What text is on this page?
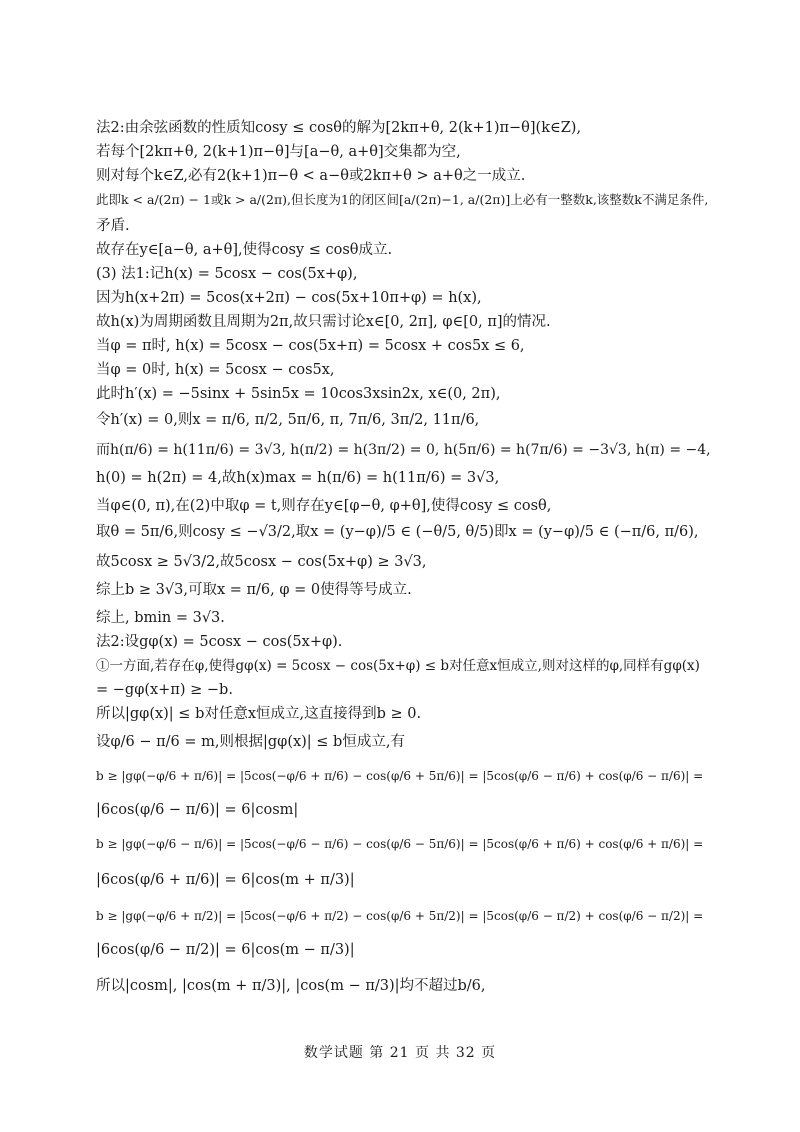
法2:由余弦函数的性质知cosy ≤ cosθ的解为[2kπ+θ, 2(k+1)π−θ](k∈Z),
若每个[2kπ+θ, 2(k+1)π−θ]与[a−θ, a+θ]交集都为空,
则对每个k∈Z,必有2(k+1)π−θ < a−θ或2kπ+θ > a+θ之一成立.
此即k < a/(2π) − 1或k > a/(2π),但长度为1的闭区间[a/(2π)−1, a/(2π)]上必有一整数k,该整数k不满足条件,
矛盾.
故存在y∈[a−θ, a+θ],使得cosy ≤ cosθ成立.
(3) 法1:记h(x) = 5cosx − cos(5x+φ),
因为h(x+2π) = 5cos(x+2π) − cos(5x+10π+φ) = h(x),
故h(x)为周期函数且周期为2π,故只需讨论x∈[0, 2π], φ∈[0, π]的情况.
当φ = π时, h(x) = 5cosx − cos(5x+π) = 5cosx + cos5x ≤ 6,
当φ = 0时, h(x) = 5cosx − cos5x,
此时h′(x) = −5sinx + 5sin5x = 10cos3xsin2x, x∈(0, 2π),
令h′(x) = 0,则x = π/6, π/2, 5π/6, π, 7π/6, 3π/2, 11π/6,
而h(π/6) = h(11π/6) = 3√3, h(π/2) = h(3π/2) = 0, h(5π/6) = h(7π/6) = −3√3, h(π) = −4,
h(0) = h(2π) = 4,故h(x)max = h(π/6) = h(11π/6) = 3√3,
当φ∈(0, π),在(2)中取φ = t,则存在y∈[φ−θ, φ+θ],使得cosy ≤ cosθ,
取θ = 5π/6,则cosy ≤ −√3/2,取x = (y−φ)/5 ∈ (−θ/5, θ/5)即x = (y−φ)/5 ∈ (−π/6, π/6),
故5cosx ≥ 5√3/2,故5cosx − cos(5x+φ) ≥ 3√3,
综上b ≥ 3√3,可取x = π/6, φ = 0使得等号成立.
综上, bmin = 3√3.
法2:设gφ(x) = 5cosx − cos(5x+φ).
①一方面,若存在φ,使得gφ(x) = 5cosx − cos(5x+φ) ≤ b对任意x恒成立,则对这样的φ,同样有gφ(x)
= −gφ(x+π) ≥ −b.
所以|gφ(x)| ≤ b对任意x恒成立,这直接得到b ≥ 0.
设φ/6 − π/6 = m,则根据|gφ(x)| ≤ b恒成立,有
b ≥ |gφ(−φ/6 + π/6)| = |5cos(−φ/6 + π/6) − cos(φ/6 + 5π/6)| = |5cos(φ/6 − π/6) + cos(φ/6 − π/6)| =
|6cos(φ/6 − π/6)| = 6|cosm|
b ≥ |gφ(−φ/6 − π/6)| = |5cos(−φ/6 − π/6) − cos(φ/6 − 5π/6)| = |5cos(φ/6 + π/6) + cos(φ/6 + π/6)| =
|6cos(φ/6 + π/6)| = 6|cos(m + π/3)|
b ≥ |gφ(−φ/6 + π/2)| = |5cos(−φ/6 + π/2) − cos(φ/6 + 5π/2)| = |5cos(φ/6 − π/2) + cos(φ/6 − π/2)| =
|6cos(φ/6 − π/2)| = 6|cos(m − π/3)|
所以|cosm|, |cos(m + π/3)|, |cos(m − π/3)|均不超过b/6,
数学试题 第 21 页 共 32 页
